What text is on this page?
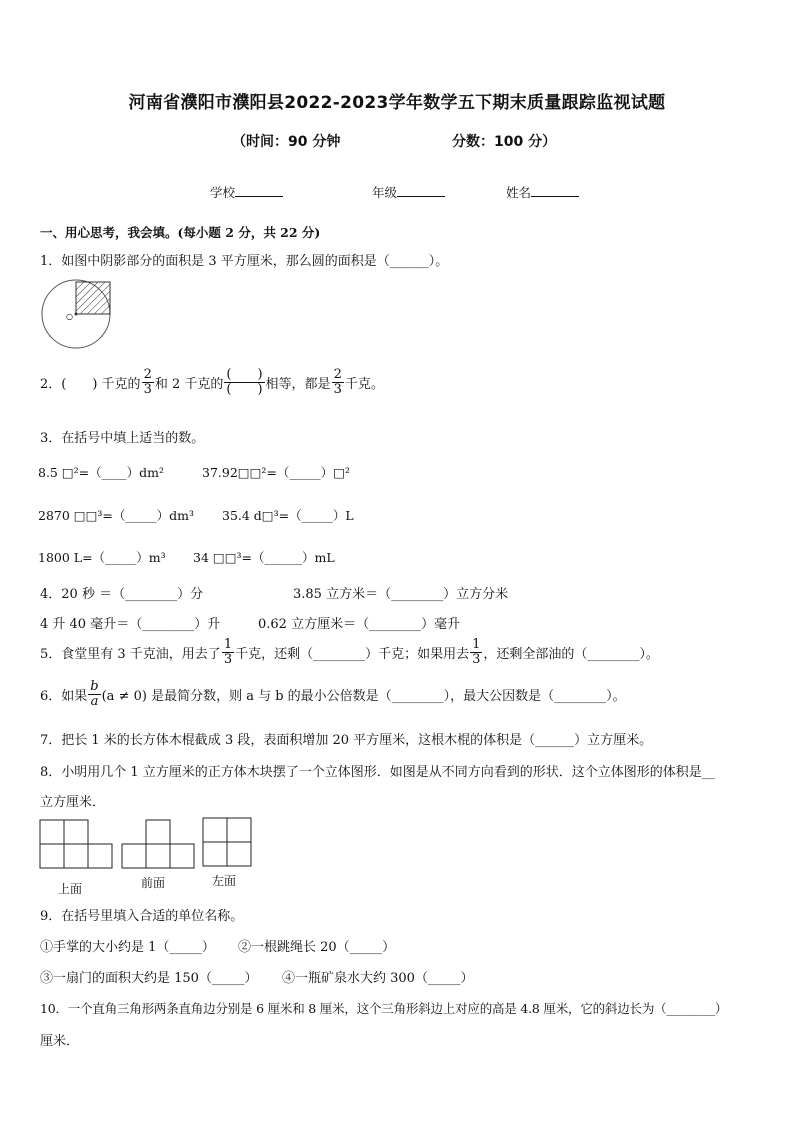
河南省濮阳市濮阳县2022-2023学年数学五下期末质量跟踪监视试题
（时间：90 分钟	分数：100 分）
学校	年级	姓名
一、用心思考，我会填。(每小题 2 分，共 22 分)
1．如图中阴影部分的面积是 3 平方厘米，那么圆的面积是（______）。
○
2．(　　) 千克的 $\frac{2}{3}$ 和 2 千克的 $\frac{( )}{( )}$ 相等，都是 $\frac{2}{3}$ 千克。
3．在括号中填上适当的数。
8.5 □²=（____）dm²	37.92□□²=（_____）□²
2870 □□³=（_____）dm³ 35.4 d□³=（_____）L
1800 L=（_____）m³ 34 □□³=（______）mL
4．20 秒 ＝（________）分	3.85 立方米＝（________）立方分米
4 升 40 毫升＝（________）升	0.62 立方厘米＝（________）毫升
5．食堂里有 3 千克油，用去了 $\frac{1}{3}$ 千克，还剩（________）千克；如果用去 $\frac{1}{3}$ ，还剩全部油的（________）。
6．如果 $\frac{b}{a} (a \ne 0)$ 是最简分数，则 a 与 b 的最小公倍数是（________），最大公因数是（________）。
7．把长 1 米的长方体木棍截成 3 段，表面积增加 20 平方厘米，这根木棍的体积是（______）立方厘米。
8．小明用几个 1 立方厘米的正方体木块摆了一个立体图形．如图是从不同方向看到的形状．这个立体图形的体积是__
立方厘米．
上面	前面	左面
9．在括号里填入合适的单位名称。
①手掌的大小约是 1（_____） ②一根跳绳长 20（_____）
③一扇门的面积大约是 150（_____） ④一瓶矿泉水大约 300（_____）
10．一个直角三角形两条直角边分别是 6 厘米和 8 厘米，这个三角形斜边上对应的高是 4.8 厘米，它的斜边长为（________）
厘米．
